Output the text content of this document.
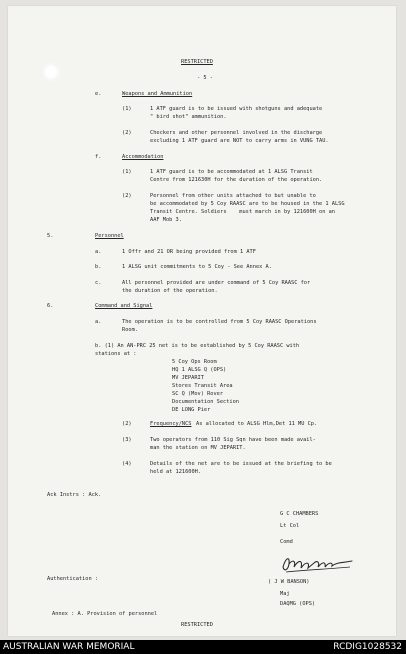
RESTRICTED

- 5 -

e.	Weapons and Ammunition

(1)	1 ATF guard is to be issued with shotguns and adequate
" bird shot" ammunition.

(2)	Checkers and other personnel involved in the discharge
excluding 1 ATF guard are NOT to carry arms in VUNG TAU.

f.	Accommodation

(1)	1 ATF guard is to be accommodated at 1 ALSG Transit
Centre from 121630H for the duration of the operation.

(2)	Personnel from other units attached to but unable to
be accommodated by 5 Coy RAASC are to be housed in the 1 ALSG
Transit Centre. Soldiers    must march in by 121600H on an
AAF Mob 3.

5.	Personnel

a.	1 Offr and 21 OR being provided from 1 ATF

b.	1 ALSG unit commitments to 5 Coy - See Annex A.

c.	All personnel provided are under command of 5 Coy RAASC for
the duration of the operation.

6.	Command and Signal

a.	The operation is to be controlled from 5 Coy RAASC Operations
Room.

b. (1) An AN-PRC 25 net is to be established by 5 Coy RAASC with
stations at :

5 Coy Ops Room
HQ 1 ALSG Q (OPS)
MV JEPARIT
Stores Transit Area
SC Q (Mov) Rover
Documentation Section
DE LONG Pier

(2)	Frequency/NCS As allocated to ALSG Hlm,Det 11 MU Cp.

(3)	Two operators from 110 Sig Sqn have been made avail-
man the station on MV JEPARIT.

(4)	Details of the net are to be issued at the briefing to be
held at 121600H.

Ack Instrs : Ack.

G C CHAMBERS

Lt Col

Comd

Authentication :	( J W BANSON)

Maj

DAQMG (OPS)

Annex : A. Provision of personnel

RESTRICTED

AUSTRALIAN WAR MEMORIAL	RCDIG1028532
